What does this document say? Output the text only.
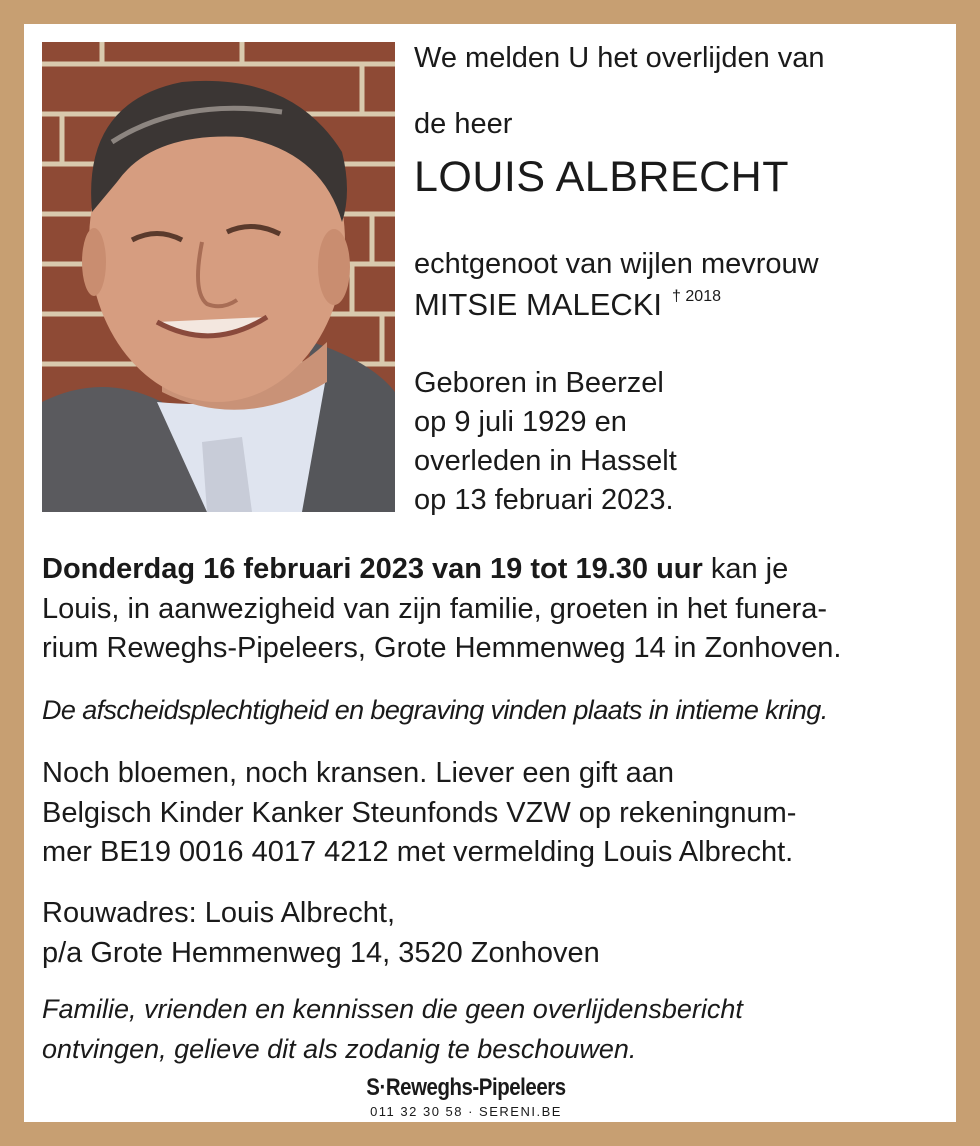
We melden U het overlijden van
de heer
LOUIS ALBRECHT
echtgenoot van wijlen mevrouw
MITSIE MALECKI $^{\dagger 2018}$
Geboren in Beerzel
op 9 juli 1929 en
overleden in Hasselt
op 13 februari 2023.
Donderdag 16 februari 2023 van 19 tot 19.30 uur kan je
Louis, in aanwezigheid van zijn familie, groeten in het funera-
rium Reweghs-Pipeleers, Grote Hemmenweg 14 in Zonhoven.
De afscheidsplechtigheid en begraving vinden plaats in intieme kring.
Noch bloemen, noch kransen. Liever een gift aan
Belgisch Kinder Kanker Steunfonds VZW op rekeningnum-
mer BE19 0016 4017 4212 met vermelding Louis Albrecht.
Rouwadres: Louis Albrecht,
p/a Grote Hemmenweg 14, 3520 Zonhoven
Familie, vrienden en kennissen die geen overlijdensbericht
ontvingen, gelieve dit als zodanig te beschouwen.
S·Reweghs-Pipeleers
011 32 30 58 · SERENI.BE
